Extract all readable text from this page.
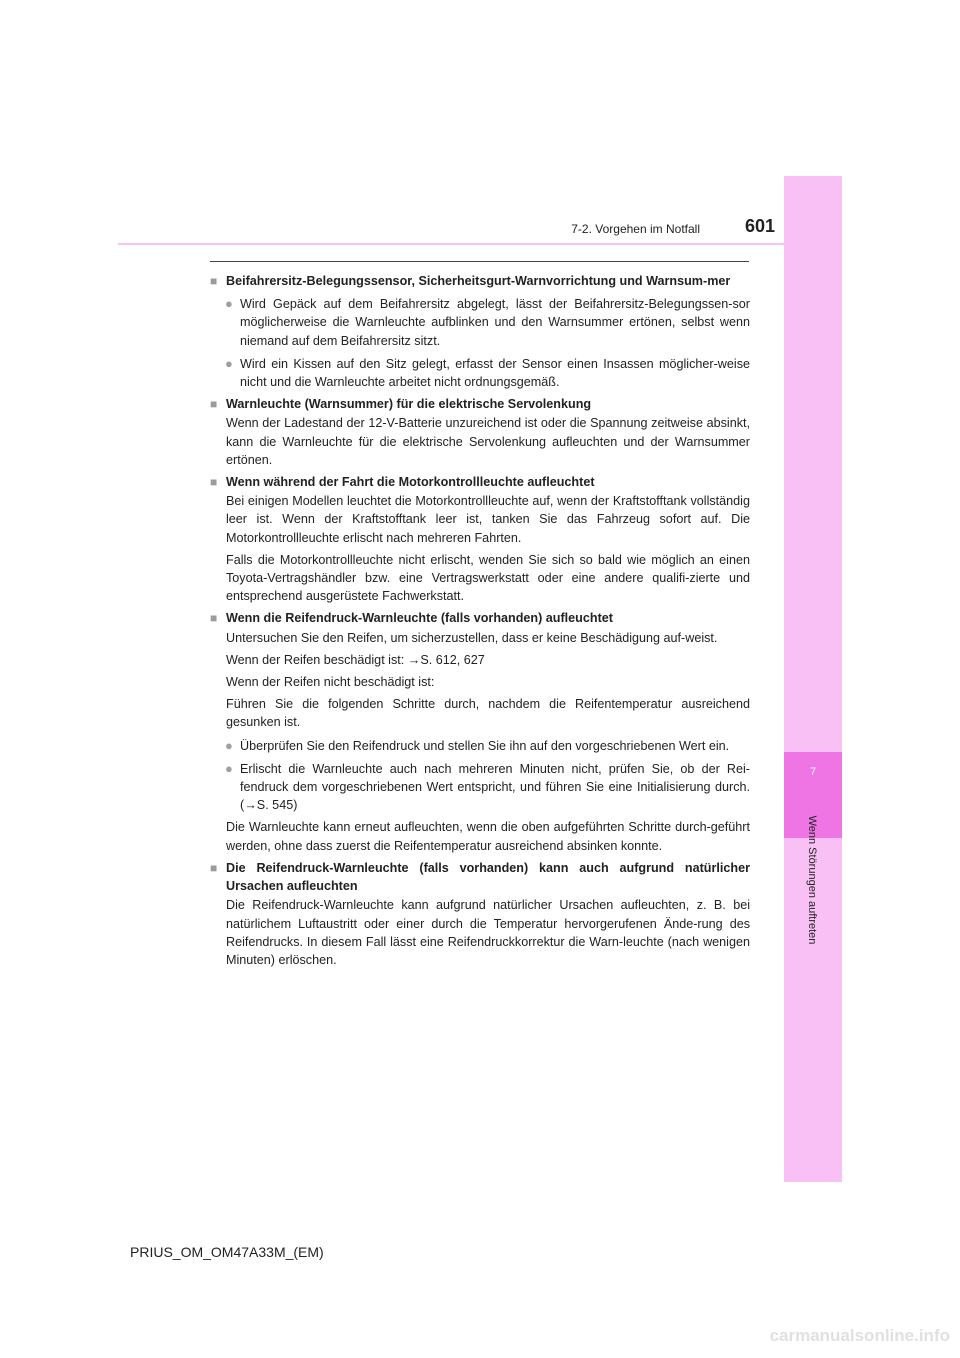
7
Wenn Störungen auftreten
7-2. Vorgehen im Notfall	601

■ Beifahrersitz-Belegungssensor, Sicherheitsgurt-Warnvorrichtung und Warnsum-mer

● Wird Gepäck auf dem Beifahrersitz abgelegt, lässt der Beifahrersitz-Belegungssen-sor möglicherweise die Warnleuchte aufblinken und den Warnsummer ertönen, selbst wenn niemand auf dem Beifahrersitz sitzt.

● Wird ein Kissen auf den Sitz gelegt, erfasst der Sensor einen Insassen möglicher-weise nicht und die Warnleuchte arbeitet nicht ordnungsgemäß.

■ Warnleuchte (Warnsummer) für die elektrische Servolenkung

Wenn der Ladestand der 12-V-Batterie unzureichend ist oder die Spannung zeitweise absinkt, kann die Warnleuchte für die elektrische Servolenkung aufleuchten und der Warnsummer ertönen.

■ Wenn während der Fahrt die Motorkontrollleuchte aufleuchtet

Bei einigen Modellen leuchtet die Motorkontrollleuchte auf, wenn der Kraftstofftank vollständig leer ist. Wenn der Kraftstofftank leer ist, tanken Sie das Fahrzeug sofort auf. Die Motorkontrollleuchte erlischt nach mehreren Fahrten.

Falls die Motorkontrollleuchte nicht erlischt, wenden Sie sich so bald wie möglich an einen Toyota-Vertragshändler bzw. eine Vertragswerkstatt oder eine andere qualifi-zierte und entsprechend ausgerüstete Fachwerkstatt.

■ Wenn die Reifendruck-Warnleuchte (falls vorhanden) aufleuchtet

Untersuchen Sie den Reifen, um sicherzustellen, dass er keine Beschädigung auf-weist.

Wenn der Reifen beschädigt ist: →S. 612, 627

Wenn der Reifen nicht beschädigt ist:

Führen Sie die folgenden Schritte durch, nachdem die Reifentemperatur ausreichend gesunken ist.

● Überprüfen Sie den Reifendruck und stellen Sie ihn auf den vorgeschriebenen Wert ein.

● Erlischt die Warnleuchte auch nach mehreren Minuten nicht, prüfen Sie, ob der Rei-fendruck dem vorgeschriebenen Wert entspricht, und führen Sie eine Initialisierung durch. (→S. 545)

Die Warnleuchte kann erneut aufleuchten, wenn die oben aufgeführten Schritte durch-geführt werden, ohne dass zuerst die Reifentemperatur ausreichend absinken konnte.

■ Die Reifendruck-Warnleuchte (falls vorhanden) kann auch aufgrund natürlicher Ursachen aufleuchten

Die Reifendruck-Warnleuchte kann aufgrund natürlicher Ursachen aufleuchten, z. B. bei natürlichem Luftaustritt oder einer durch die Temperatur hervorgerufenen Ände-rung des Reifendrucks. In diesem Fall lässt eine Reifendruckkorrektur die Warn-leuchte (nach wenigen Minuten) erlöschen.

PRIUS_OM_OM47A33M_(EM)
carmanualsonline.info
